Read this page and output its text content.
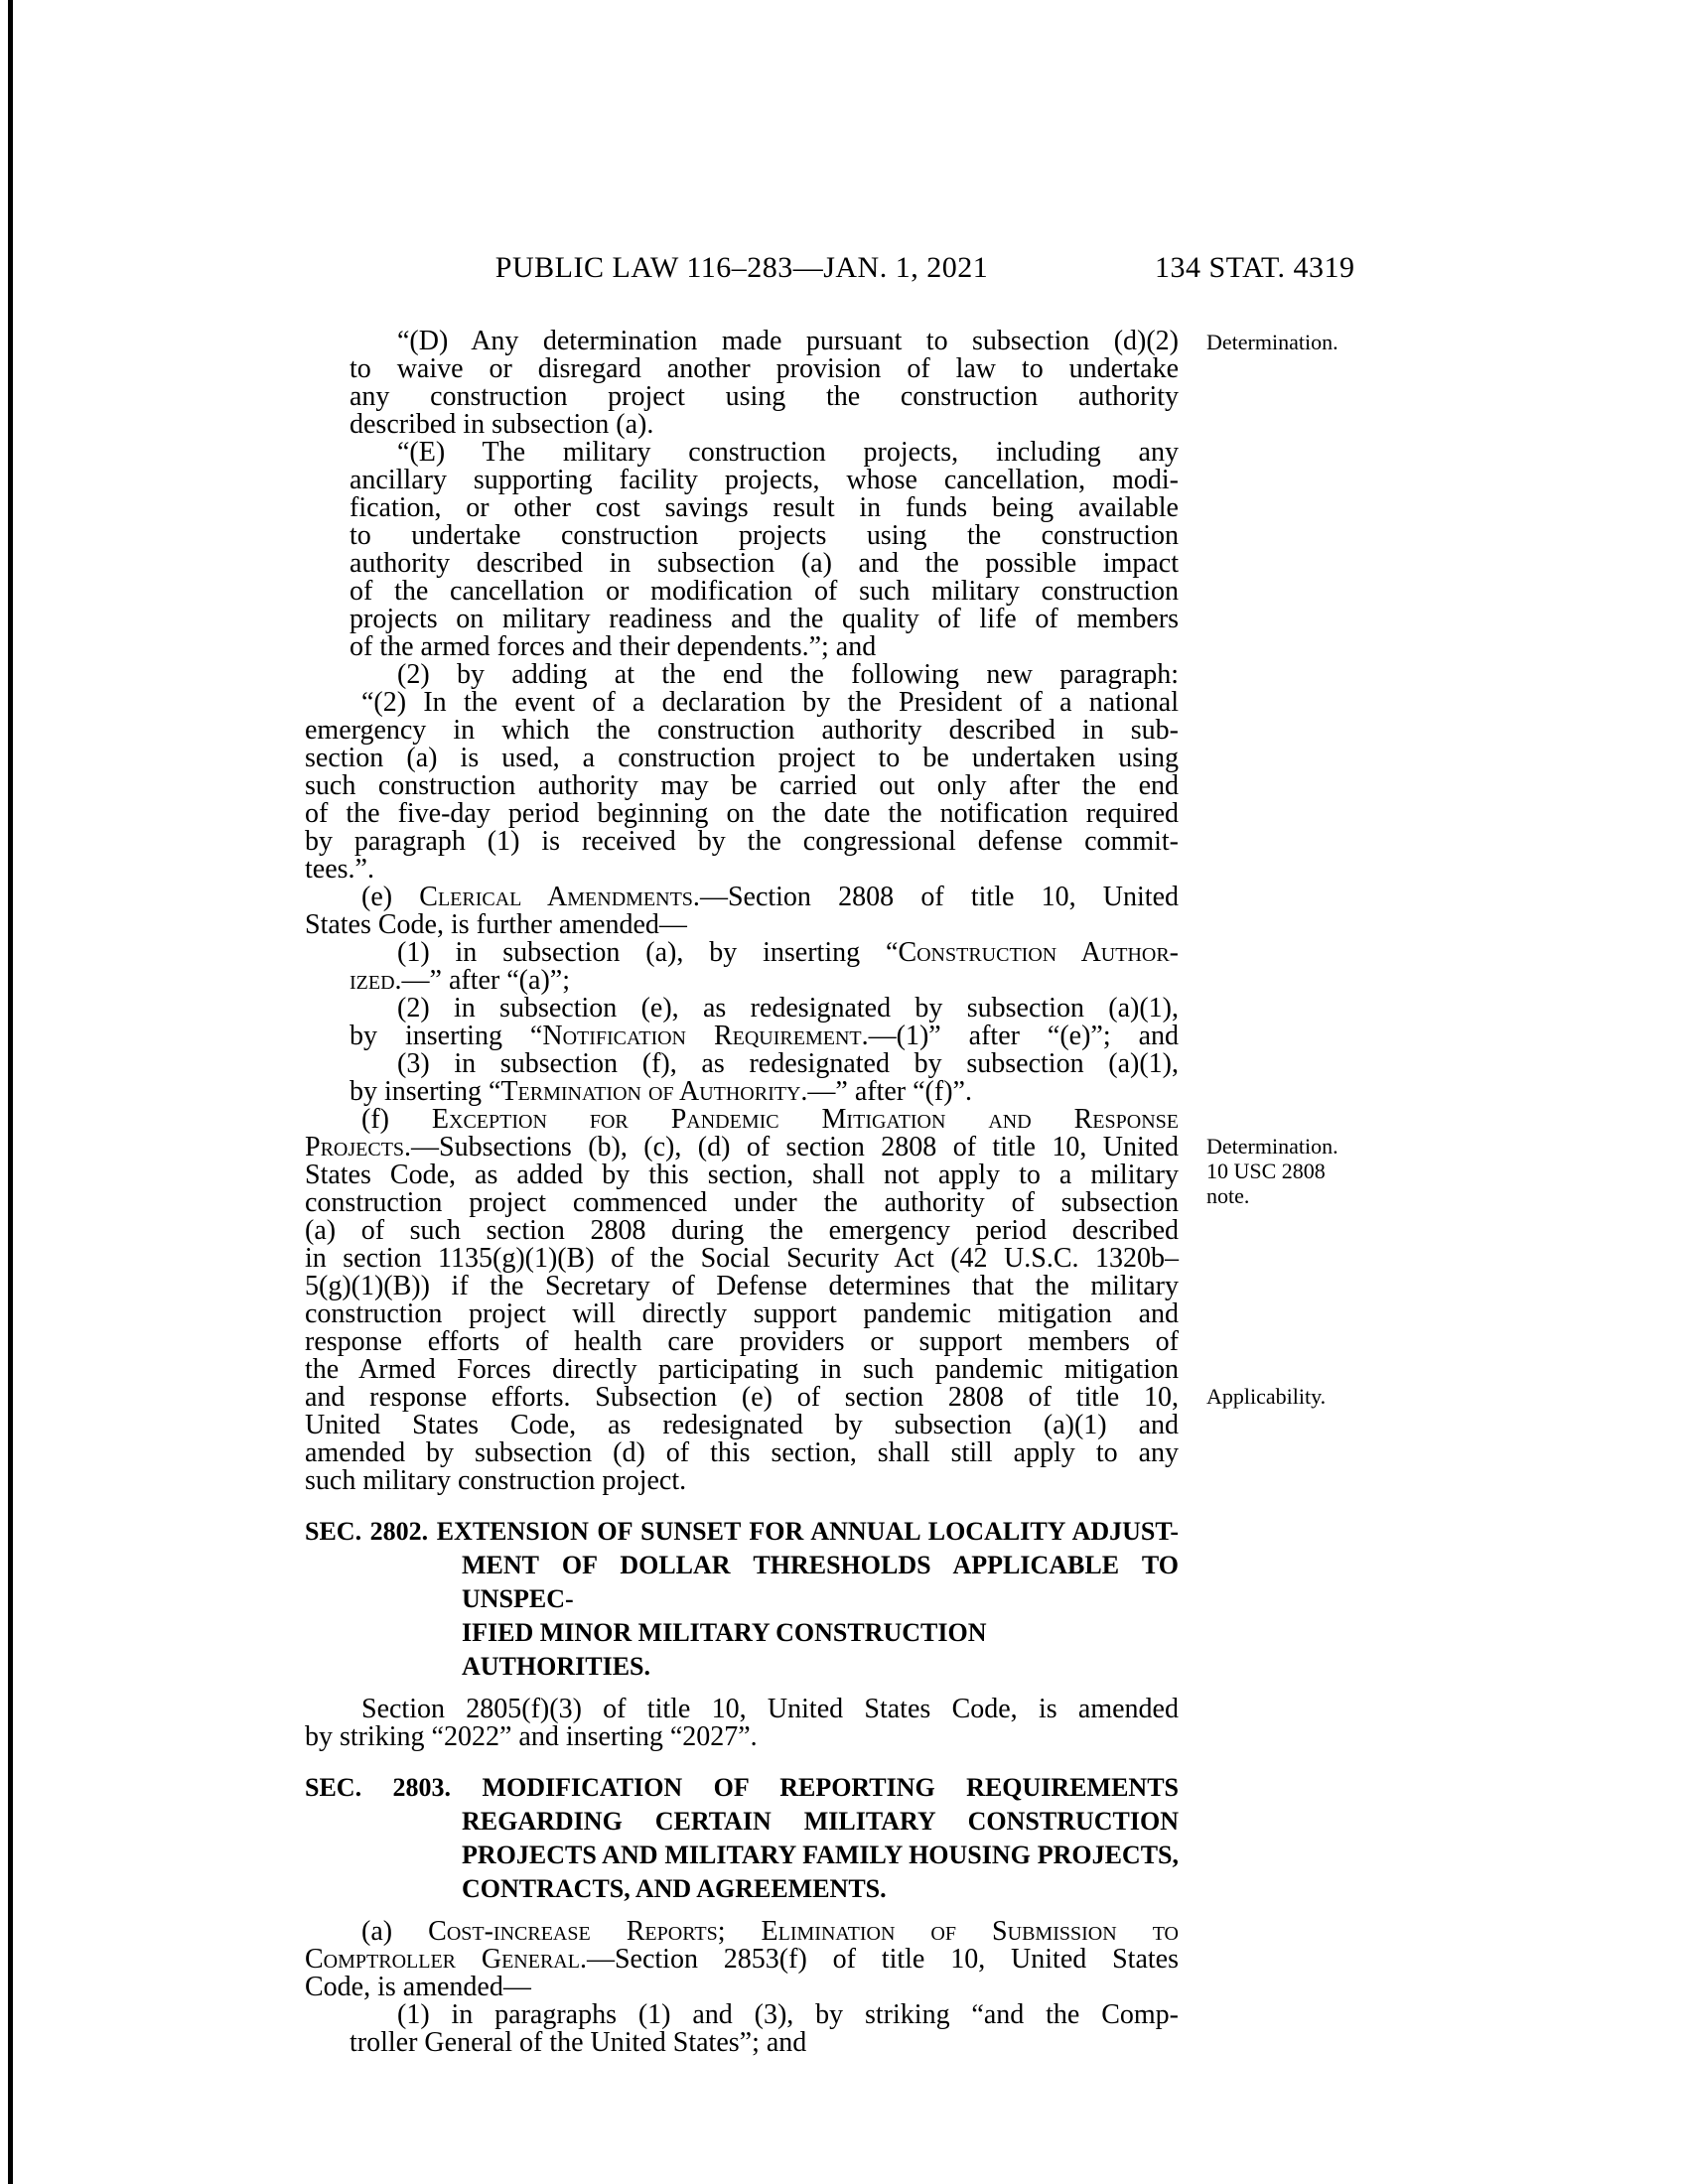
PUBLIC LAW 116–283—JAN. 1, 2021	134 STAT. 4319
“(D) Any determination made pursuant to subsection (d)(2)
to waive or disregard another provision of law to undertake
any construction project using the construction authority
described in subsection (a).
“(E) The military construction projects, including any
ancillary supporting facility projects, whose cancellation, modi-
fication, or other cost savings result in funds being available
to undertake construction projects using the construction
authority described in subsection (a) and the possible impact
of the cancellation or modification of such military construction
projects on military readiness and the quality of life of members
of the armed forces and their dependents.”; and
(2) by adding at the end the following new paragraph:
“(2) In the event of a declaration by the President of a national
emergency in which the construction authority described in sub-
section (a) is used, a construction project to be undertaken using
such construction authority may be carried out only after the end
of the five-day period beginning on the date the notification required
by paragraph (1) is received by the congressional defense commit-
tees.”.
(e) Clerical Amendments.—Section 2808 of title 10, United
States Code, is further amended—
(1) in subsection (a), by inserting “Construction Author-
ized.—” after “(a)”;
(2) in subsection (e), as redesignated by subsection (a)(1),
by inserting “Notification Requirement.—(1)” after “(e)”; and
(3) in subsection (f), as redesignated by subsection (a)(1),
by inserting “Termination of Authority.—” after “(f)”.
(f) Exception for Pandemic Mitigation and Response
Projects.—Subsections (b), (c), (d) of section 2808 of title 10, United
States Code, as added by this section, shall not apply to a military
construction project commenced under the authority of subsection
(a) of such section 2808 during the emergency period described
in section 1135(g)(1)(B) of the Social Security Act (42 U.S.C. 1320b–
5(g)(1)(B)) if the Secretary of Defense determines that the military
construction project will directly support pandemic mitigation and
response efforts of health care providers or support members of
the Armed Forces directly participating in such pandemic mitigation
and response efforts. Subsection (e) of section 2808 of title 10,
United States Code, as redesignated by subsection (a)(1) and
amended by subsection (d) of this section, shall still apply to any
such military construction project.
SEC. 2802. EXTENSION OF SUNSET FOR ANNUAL LOCALITY ADJUST-
MENT OF DOLLAR THRESHOLDS APPLICABLE TO UNSPEC-
IFIED MINOR MILITARY CONSTRUCTION AUTHORITIES.
Section 2805(f)(3) of title 10, United States Code, is amended
by striking “2022” and inserting “2027”.
SEC. 2803. MODIFICATION OF REPORTING REQUIREMENTS
REGARDING CERTAIN MILITARY CONSTRUCTION
PROJECTS AND MILITARY FAMILY HOUSING PROJECTS,
CONTRACTS, AND AGREEMENTS.
(a) Cost-increase Reports; Elimination of Submission to
Comptroller General.—Section 2853(f) of title 10, United States
Code, is amended—
(1) in paragraphs (1) and (3), by striking “and the Comp-
troller General of the United States”; and
Determination.
Determination.
10 USC 2808
note.
Applicability.
